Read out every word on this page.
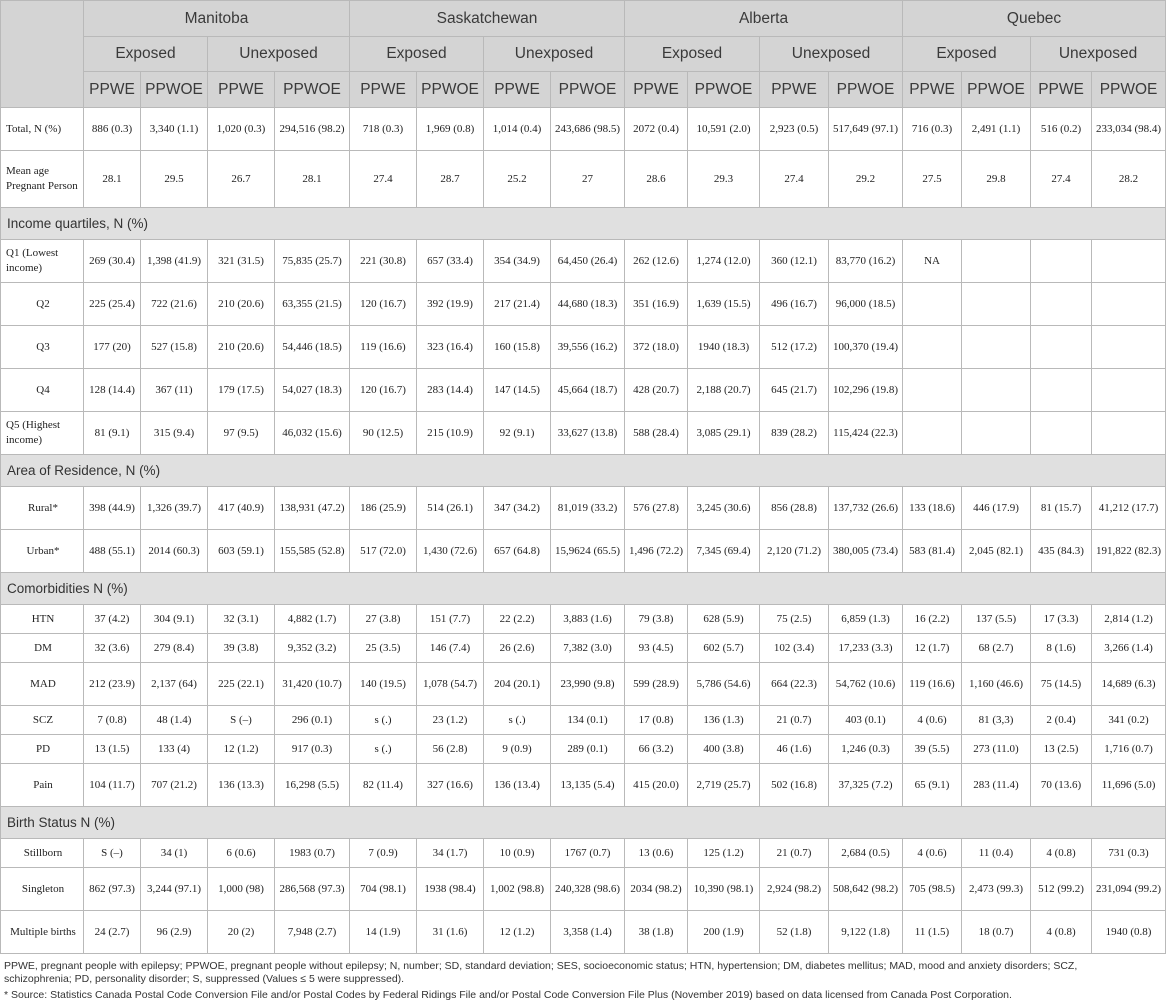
	Manitoba				Saskatchewan				Alberta				Quebec			
	Exposed		Unexposed		Exposed		Unexposed		Exposed		Unexposed		Exposed		Unexposed	
	PPWE	PPWOE	PPWE	PPWOE	PPWE	PPWOE	PPWE	PPWOE	PPWE	PPWOE	PPWE	PPWOE	PPWE	PPWOE	PPWE	PPWOE
Total, N (%)	886 (0.3)	3,340 (1.1)	1,020 (0.3)	294,516 (98.2)	718 (0.3)	1,969 (0.8)	1,014 (0.4)	243,686 (98.5)	2072 (0.4)	10,591 (2.0)	2,923 (0.5)	517,649 (97.1)	716 (0.3)	2,491 (1.1)	516 (0.2)	233,034 (98.4)
Mean age Pregnant Person	28.1	29.5	26.7	28.1	27.4	28.7	25.2	27	28.6	29.3	27.4	29.2	27.5	29.8	27.4	28.2
Income quartiles, N (%)																
Q1 (Lowest income)	269 (30.4)	1,398 (41.9)	321 (31.5)	75,835 (25.7)	221 (30.8)	657 (33.4)	354 (34.9)	64,450 (26.4)	262 (12.6)	1,274 (12.0)	360 (12.1)	83,770 (16.2)	NA			
Q2	225 (25.4)	722 (21.6)	210 (20.6)	63,355 (21.5)	120 (16.7)	392 (19.9)	217 (21.4)	44,680 (18.3)	351 (16.9)	1,639 (15.5)	496 (16.7)	96,000 (18.5)				
Q3	177 (20)	527 (15.8)	210 (20.6)	54,446 (18.5)	119 (16.6)	323 (16.4)	160 (15.8)	39,556 (16.2)	372 (18.0)	1940 (18.3)	512 (17.2)	100,370 (19.4)				
Q4	128 (14.4)	367 (11)	179 (17.5)	54,027 (18.3)	120 (16.7)	283 (14.4)	147 (14.5)	45,664 (18.7)	428 (20.7)	2,188 (20.7)	645 (21.7)	102,296 (19.8)				
Q5 (Highest income)	81 (9.1)	315 (9.4)	97 (9.5)	46,032 (15.6)	90 (12.5)	215 (10.9)	92 (9.1)	33,627 (13.8)	588 (28.4)	3,085 (29.1)	839 (28.2)	115,424 (22.3)				
Area of Residence, N (%)																
Rural*	398 (44.9)	1,326 (39.7)	417 (40.9)	138,931 (47.2)	186 (25.9)	514 (26.1)	347 (34.2)	81,019 (33.2)	576 (27.8)	3,245 (30.6)	856 (28.8)	137,732 (26.6)	133 (18.6)	446 (17.9)	81 (15.7)	41,212 (17.7)
Urban*	488 (55.1)	2014 (60.3)	603 (59.1)	155,585 (52.8)	517 (72.0)	1,430 (72.6)	657 (64.8)	15,9624 (65.5)	1,496 (72.2)	7,345 (69.4)	2,120 (71.2)	380,005 (73.4)	583 (81.4)	2,045 (82.1)	435 (84.3)	191,822 (82.3)
Comorbidities N (%)																
HTN	37 (4.2)	304 (9.1)	32 (3.1)	4,882 (1.7)	27 (3.8)	151 (7.7)	22 (2.2)	3,883 (1.6)	79 (3.8)	628 (5.9)	75 (2.5)	6,859 (1.3)	16 (2.2)	137 (5.5)	17 (3.3)	2,814 (1.2)
DM	32 (3.6)	279 (8.4)	39 (3.8)	9,352 (3.2)	25 (3.5)	146 (7.4)	26 (2.6)	7,382 (3.0)	93 (4.5)	602 (5.7)	102 (3.4)	17,233 (3.3)	12 (1.7)	68 (2.7)	8 (1.6)	3,266 (1.4)
MAD	212 (23.9)	2,137 (64)	225 (22.1)	31,420 (10.7)	140 (19.5)	1,078 (54.7)	204 (20.1)	23,990 (9.8)	599 (28.9)	5,786 (54.6)	664 (22.3)	54,762 (10.6)	119 (16.6)	1,160 (46.6)	75 (14.5)	14,689 (6.3)
SCZ	7 (0.8)	48 (1.4)	S (–)	296 (0.1)	s (.)	23 (1.2)	s (.)	134 (0.1)	17 (0.8)	136 (1.3)	21 (0.7)	403 (0.1)	4 (0.6)	81 (3,3)	2 (0.4)	341 (0.2)
PD	13 (1.5)	133 (4)	12 (1.2)	917 (0.3)	s (.)	56 (2.8)	9 (0.9)	289 (0.1)	66 (3.2)	400 (3.8)	46 (1.6)	1,246 (0.3)	39 (5.5)	273 (11.0)	13 (2.5)	1,716 (0.7)
Pain	104 (11.7)	707 (21.2)	136 (13.3)	16,298 (5.5)	82 (11.4)	327 (16.6)	136 (13.4)	13,135 (5.4)	415 (20.0)	2,719 (25.7)	502 (16.8)	37,325 (7.2)	65 (9.1)	283 (11.4)	70 (13.6)	11,696 (5.0)
Birth Status N (%)																
Stillborn	S (–)	34 (1)	6 (0.6)	1983 (0.7)	7 (0.9)	34 (1.7)	10 (0.9)	1767 (0.7)	13 (0.6)	125 (1.2)	21 (0.7)	2,684 (0.5)	4 (0.6)	11 (0.4)	4 (0.8)	731 (0.3)
Singleton	862 (97.3)	3,244 (97.1)	1,000 (98)	286,568 (97.3)	704 (98.1)	1938 (98.4)	1,002 (98.8)	240,328 (98.6)	2034 (98.2)	10,390 (98.1)	2,924 (98.2)	508,642 (98.2)	705 (98.5)	2,473 (99.3)	512 (99.2)	231,094 (99.2)
Multiple births	24 (2.7)	96 (2.9)	20 (2)	7,948 (2.7)	14 (1.9)	31 (1.6)	12 (1.2)	3,358 (1.4)	38 (1.8)	200 (1.9)	52 (1.8)	9,122 (1.8)	11 (1.5)	18 (0.7)	4 (0.8)	1940 (0.8)

PPWE, pregnant people with epilepsy; PPWOE, pregnant people without epilepsy; N, number; SD, standard deviation; SES, socioeconomic status; HTN, hypertension; DM, diabetes mellitus; MAD, mood and anxiety disorders; SCZ, schizophrenia; PD, personality disorder; S, suppressed (Values ≤ 5 were suppressed).

* Source: Statistics Canada Postal Code Conversion File and/or Postal Codes by Federal Ridings File and/or Postal Code Conversion File Plus (November 2019) based on data licensed from Canada Post Corporation.
